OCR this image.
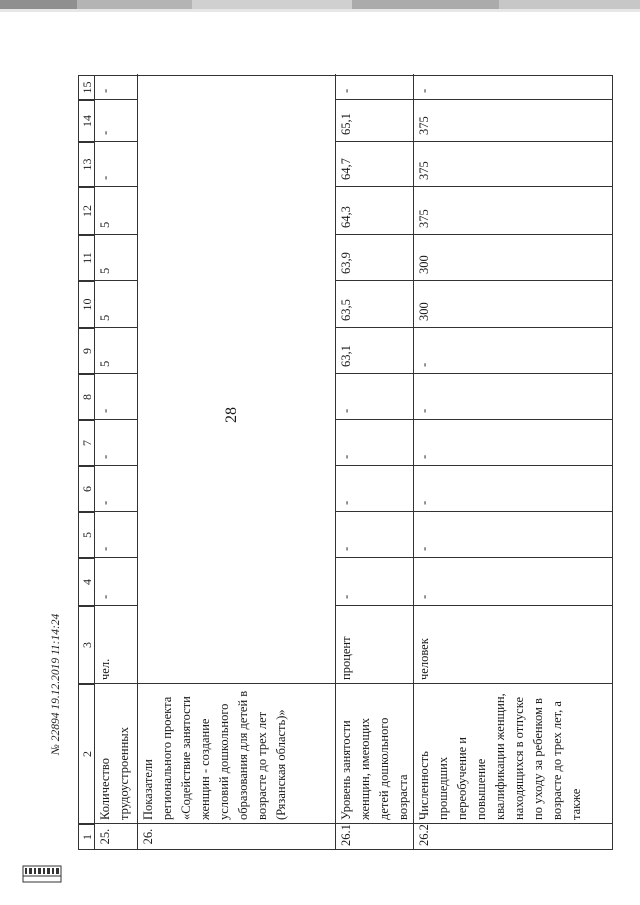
28
1
2
3
4
5
6
7
8
9
10
11
12
13
14
15
25.
Количество трудоустроенных
чел.
-
-
-
-
-
5
5
5
5
-
-
-
26.
Показатели регионального проекта «Содействие занятости женщин - создание условий дошкольного образования для детей в возрасте до трех лет (Рязанская область)»
26.1
Уровень занятости женщин, имеющих детей дошкольного возраста
процент
-
-
-
-
-
63,1
63,5
63,9
64,3
64,7
65,1
-
26.2
Численность прошедших переобучение и повышение квалификации женщин, находящихся в отпуске по уходу за ребенком в возрасте до трех лет, а также
человек
-
-
-
-
-
-
300
300
375
375
375
-
№ 22894 19.12.2019 11:14:24
